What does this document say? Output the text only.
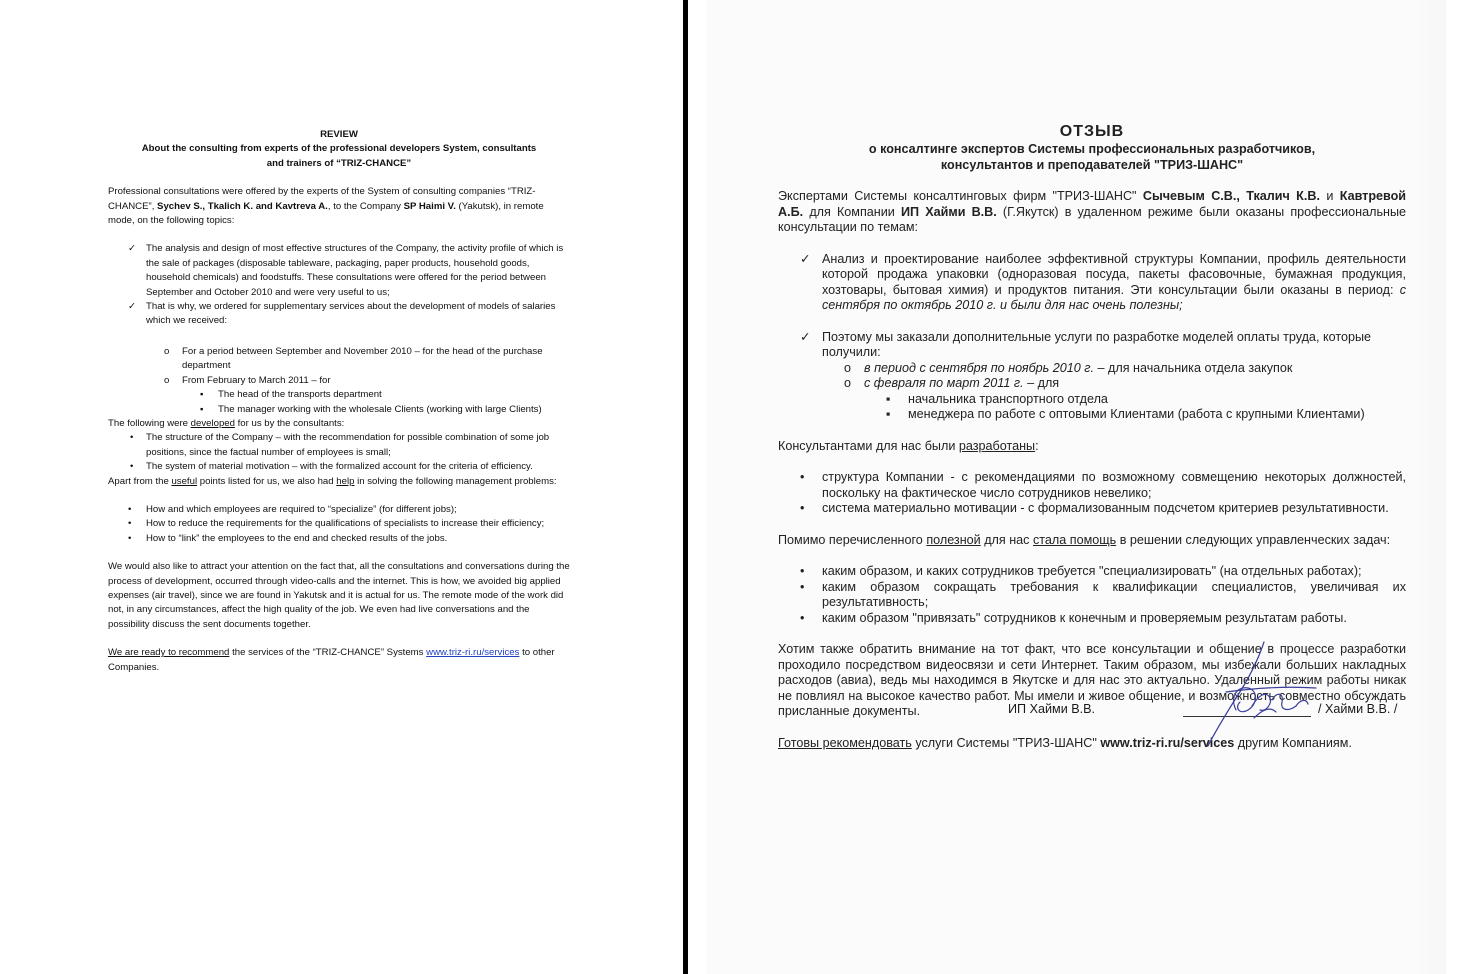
REVIEW

About the consulting from experts of the professional developers System, consultants

and trainers of “TRIZ-CHANCE”

Professional consultations were offered by the experts of the System of consulting companies “TRIZ-CHANCE”, Sychev S., Tkalich K. and Kavtreva A., to the Company SP Haimi V. (Yakutsk), in remote mode, on the following topics:

✓	The analysis and design of most effective structures of the Company, the activity profile of which is the sale of packages (disposable tableware, packaging, paper products, household goods, household chemicals) and foodstuffs. These consultations were offered for the period between September and October 2010 and were very useful to us;
✓	That is why, we ordered for supplementary services about the development of models of salaries which we received:
o	For a period between September and November 2010 – for the head of the purchase department
o	From February to March 2011 – for
▪	The head of the transports department
▪	The manager working with the wholesale Clients (working with large Clients)

The following were developed for us by the consultants:

•	The structure of the Company – with the recommendation for possible combination of some job positions, since the factual number of employees is small;
•	The system of material motivation – with the formalized account for the criteria of efficiency.

Apart from the useful points listed for us, we also had help in solving the following management problems:

•	How and which employees are required to “specialize” (for different jobs);
•	How to reduce the requirements for the qualifications of specialists to increase their efficiency;
•	How to “link” the employees to the end and checked results of the jobs.

We would also like to attract your attention on the fact that, all the consultations and conversations during the process of development, occurred through video-calls and the internet. This is how, we avoided big applied expenses (air travel), since we are found in Yakutsk and it is actual for us. The remote mode of the work did not, in any circumstances, affect the high quality of the job. We even had live conversations and the possibility discuss the sent documents together.

We are ready to recommend the services of the “TRIZ-CHANCE” Systems www.triz-ri.ru/services to other Companies.

ОТЗЫВ

о консалтинге экспертов Системы профессиональных разработчиков,

консультантов и преподавателей "ТРИЗ-ШАНС"

Экспертами Системы консалтинговых фирм "ТРИЗ-ШАНС" Сычевым С.В., Ткалич К.В. и Кавтревой А.Б. для Компании ИП Хайми В.В. (Г.Якутск) в удаленном режиме были оказаны профессиональные консультации по темам:

✓ Анализ и проектирование наиболее эффективной структуры Компании, профиль деятельности которой продажа упаковки (одноразовая посуда, пакеты фасовочные, бумажная продукция, хозтовары, бытовая химия) и продуктов питания. Эти консультации были оказаны в период: с сентября по октябрь 2010 г. и были для нас очень полезны;
✓ Поэтому мы заказали дополнительные услуги по разработке моделей оплаты труда, которые получили:
o	в период с сентября по ноябрь 2010 г. – для начальника отдела закупок
o	с февраля по март 2011 г. – для
▪	начальника транспортного отдела
▪	менеджера по работе с оптовыми Клиентами (работа с крупными Клиентами)

Консультантами для нас были разработаны:

•	структура Компании - с рекомендациями по возможному совмещению некоторых должностей, поскольку на фактическое число сотрудников невелико;
•	система материально мотивации - с формализованным подсчетом критериев результативности.

Помимо перечисленного полезной для нас стала помощь в решении следующих управленческих задач:

•	каким образом, и каких сотрудников требуется "специализировать" (на отдельных работах);
•	каким образом сокращать требования к квалификации специалистов, увеличивая их результативность;
•	каким образом "привязать" сотрудников к конечным и проверяемым результатам работы.

Хотим также обратить внимание на тот факт, что все консультации и общение в процессе разработки проходило посредством видеосвязи и сети Интернет. Таким образом, мы избежали больших накладных расходов (авиа), ведь мы находимся в Якутске и для нас это актуально. Удаленный режим работы никак не повлиял на высокое качество работ. Мы имели и живое общение, и возможность совместно обсуждать присланные документы.

Готовы рекомендовать услуги Системы "ТРИЗ-ШАНС" www.triz-ri.ru/services другим Компаниям.

ИП Хайми В.В.	/ Хайми В.В. /
